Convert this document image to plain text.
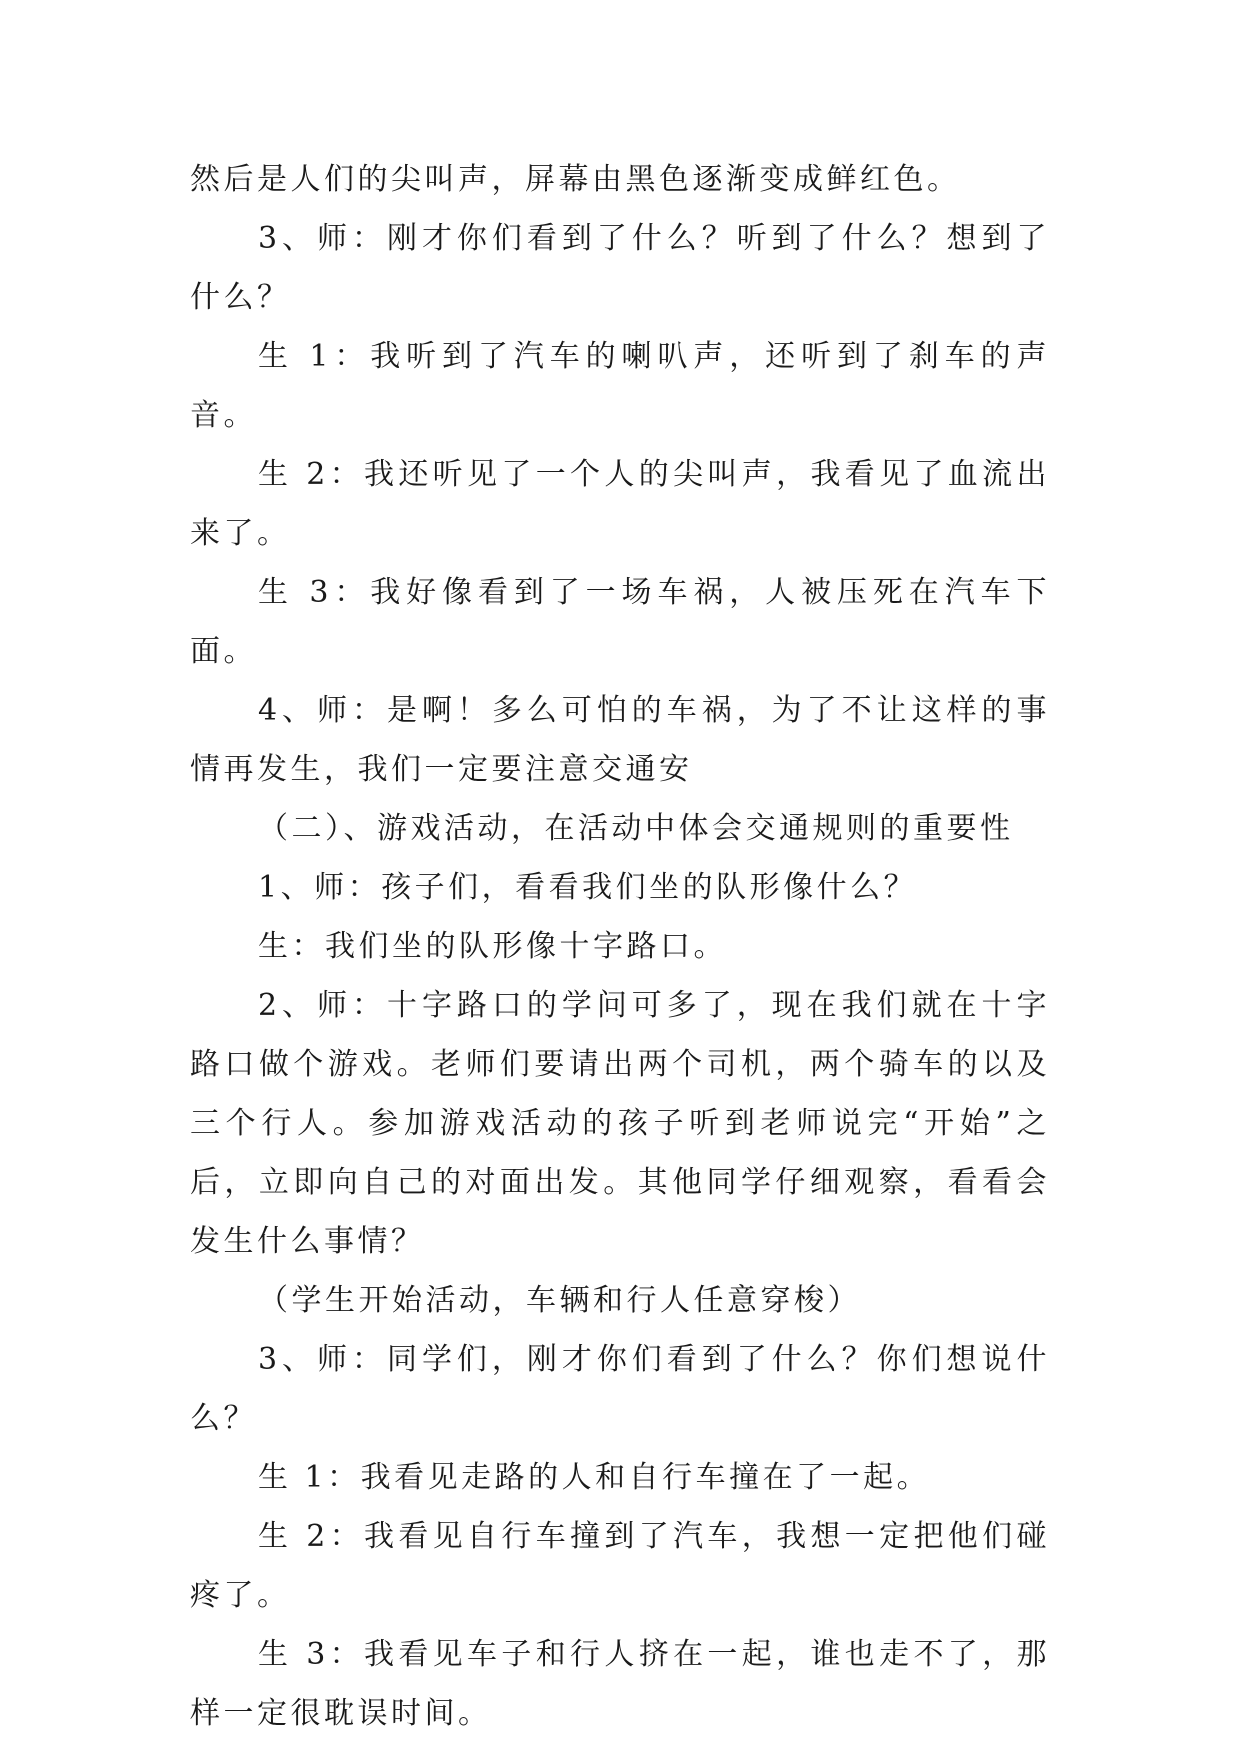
然后是人们的尖叫声，屏幕由黑色逐渐变成鲜红色。

3、师：刚才你们看到了什么？听到了什么？想到了什么？

生 1：我听到了汽车的喇叭声，还听到了刹车的声音。

生 2：我还听见了一个人的尖叫声，我看见了血流出来了。

生 3：我好像看到了一场车祸，人被压死在汽车下面。

4、师：是啊！多么可怕的车祸，为了不让这样的事情再发生，我们一定要注意交通安

（二）、游戏活动，在活动中体会交通规则的重要性

1、师：孩子们，看看我们坐的队形像什么？

生：我们坐的队形像十字路口。

2、师：十字路口的学问可多了，现在我们就在十字路口做个游戏。老师们要请出两个司机，两个骑车的以及三个行人。参加游戏活动的孩子听到老师说完“开始”之后，立即向自己的对面出发。其他同学仔细观察，看看会发生什么事情？

（学生开始活动，车辆和行人任意穿梭）

3、师：同学们，刚才你们看到了什么？你们想说什么？

生 1：我看见走路的人和自行车撞在了一起。

生 2：我看见自行车撞到了汽车，我想一定把他们碰疼了。

生 3：我看见车子和行人挤在一起，谁也走不了，那样一定很耽误时间。
